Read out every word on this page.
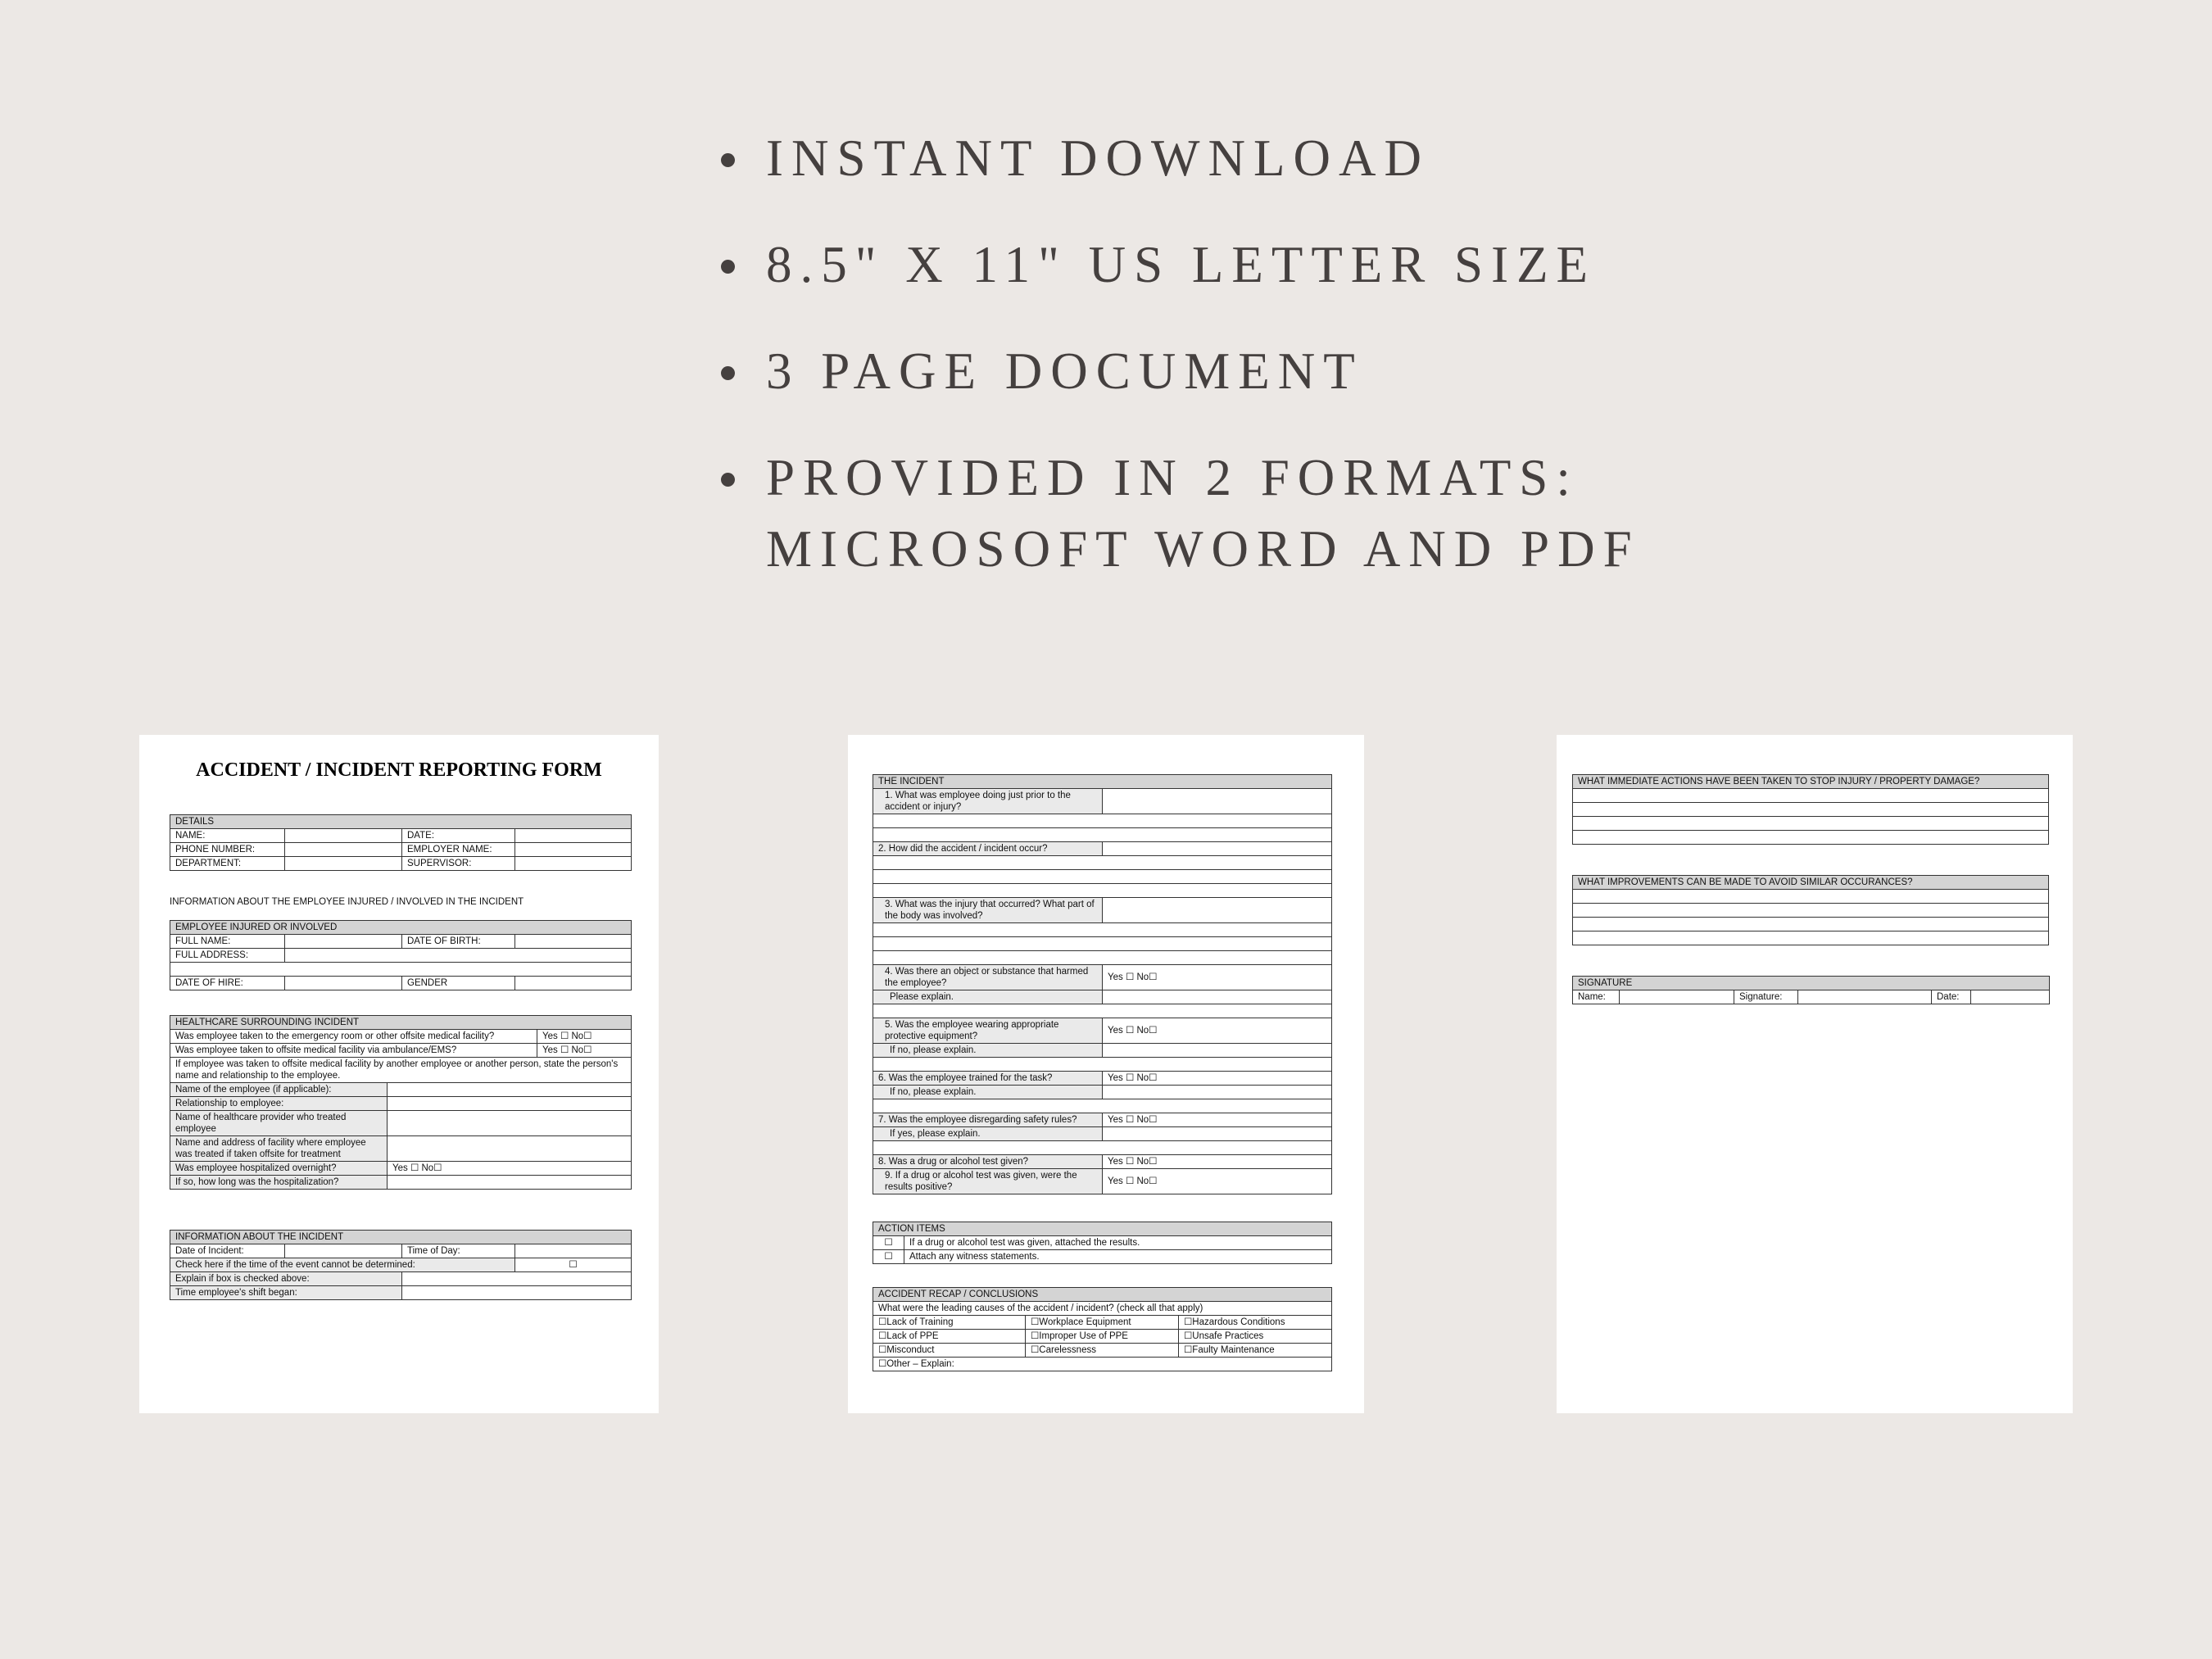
INSTANT DOWNLOAD
8.5" X 11" US LETTER SIZE
3 PAGE DOCUMENT
PROVIDED IN 2 FORMATS:
MICROSOFT WORD AND PDF
ACCIDENT / INCIDENT REPORTING FORM
DETAILS			
NAME:		DATE:	
PHONE NUMBER:		EMPLOYER NAME:	
DEPARTMENT:		SUPERVISOR:	
INFORMATION ABOUT THE EMPLOYEE INJURED / INVOLVED IN THE INCIDENT
EMPLOYEE INJURED OR INVOLVED			
FULL NAME:		DATE OF BIRTH:	
FULL ADDRESS:			

DATE OF HIRE:		GENDER	
HEALTHCARE SURROUNDING INCIDENT		
Was employee taken to the emergency room or other offsite medical facility?		Yes ☐ No☐
Was employee taken to offsite medical facility via ambulance/EMS?		Yes ☐ No☐
If employee was taken to offsite medical facility by another employee or another person, state the person's name and relationship to the employee.		
Name of the employee (if applicable):		
Relationship to employee:		
Name of healthcare provider who treated employee		
Name and address of facility where employee was treated if taken offsite for treatment		
Was employee hospitalized overnight?	Yes ☐ No☐	
If so, how long was the hospitalization?		
INFORMATION ABOUT THE INCIDENT			
Date of Incident:		Time of Day:	
Check here if the time of the event cannot be determined:			☐
Explain if box is checked above:			
Time employee's shift began:			
THE INCIDENT	
1. What was employee doing just prior to the accident or injury?	

2. How did the accident / incident occur?	

3. What was the injury that occurred? What part of the body was involved?	

4. Was there an object or substance that harmed the employee?	Yes ☐ No☐
Please explain.	

5. Was the employee wearing appropriate protective equipment?	Yes ☐ No☐
If no, please explain.	

6. Was the employee trained for the task?	Yes ☐ No☐
If no, please explain.	

7. Was the employee disregarding safety rules?	Yes ☐ No☐
If yes, please explain.	

8. Was a drug or alcohol test given?	Yes ☐ No☐
9. If a drug or alcohol test was given, were the results positive?	Yes ☐ No☐
ACTION ITEMS	
☐	If a drug or alcohol test was given, attached the results.
☐	Attach any witness statements.
ACCIDENT RECAP / CONCLUSIONS		
What were the leading causes of the accident / incident? (check all that apply)		
☐Lack of Training	☐Workplace Equipment	☐Hazardous Conditions
☐Lack of PPE	☐Improper Use of PPE	☐Unsafe Practices
☐Misconduct	☐Carelessness	☐Faulty Maintenance
☐Other – Explain:		
WHAT IMMEDIATE ACTIONS HAVE BEEN TAKEN TO STOP INJURY / PROPERTY DAMAGE?

WHAT IMPROVEMENTS CAN BE MADE TO AVOID SIMILAR OCCURANCES?

SIGNATURE
Name:		Signature:		Date:	
